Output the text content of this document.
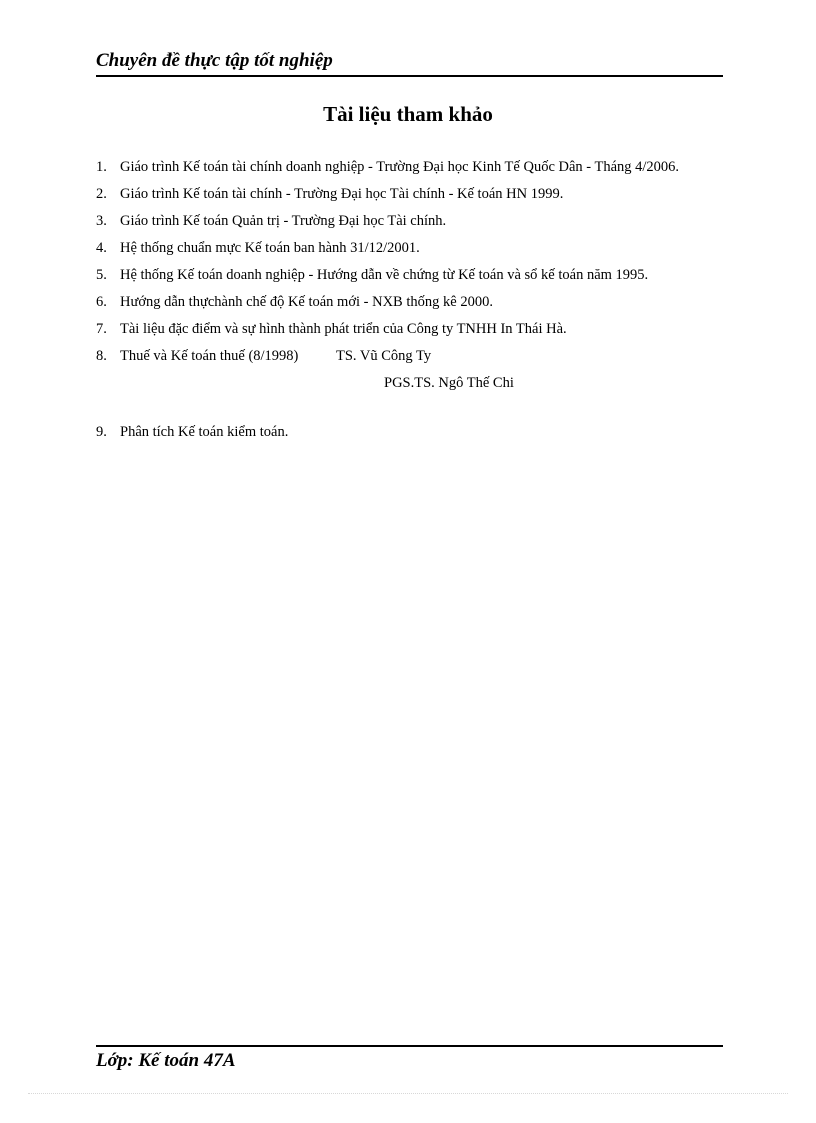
Chuyên đề thực tập tốt nghiệp
Tài liệu tham khảo
1. Giáo trình Kế toán tài chính doanh nghiệp - Trường Đại học Kinh Tế Quốc Dân - Tháng 4/2006.
2. Giáo trình Kế toán tài chính - Trường Đại học Tài chính - Kế toán HN 1999.
3. Giáo trình Kế toán Quản trị - Trường Đại học Tài chính.
4. Hệ thống chuẩn mực Kế toán ban hành 31/12/2001.
5. Hệ thống Kế toán doanh nghiệp - Hướng dẫn về chứng từ Kế toán và sổ kế toán năm 1995.
6. Hướng dẫn thựchành chế độ Kế toán mới - NXB thống kê 2000.
7. Tài liệu đặc điểm và sự hình thành phát triển của Công ty TNHH In Thái Hà.
8. Thuế và Kế toán thuế (8/1998)	TS. Vũ Công Ty
PGS.TS. Ngô Thế Chi
9. Phân tích Kế toán kiểm toán.
Lớp: Kế toán 47A
